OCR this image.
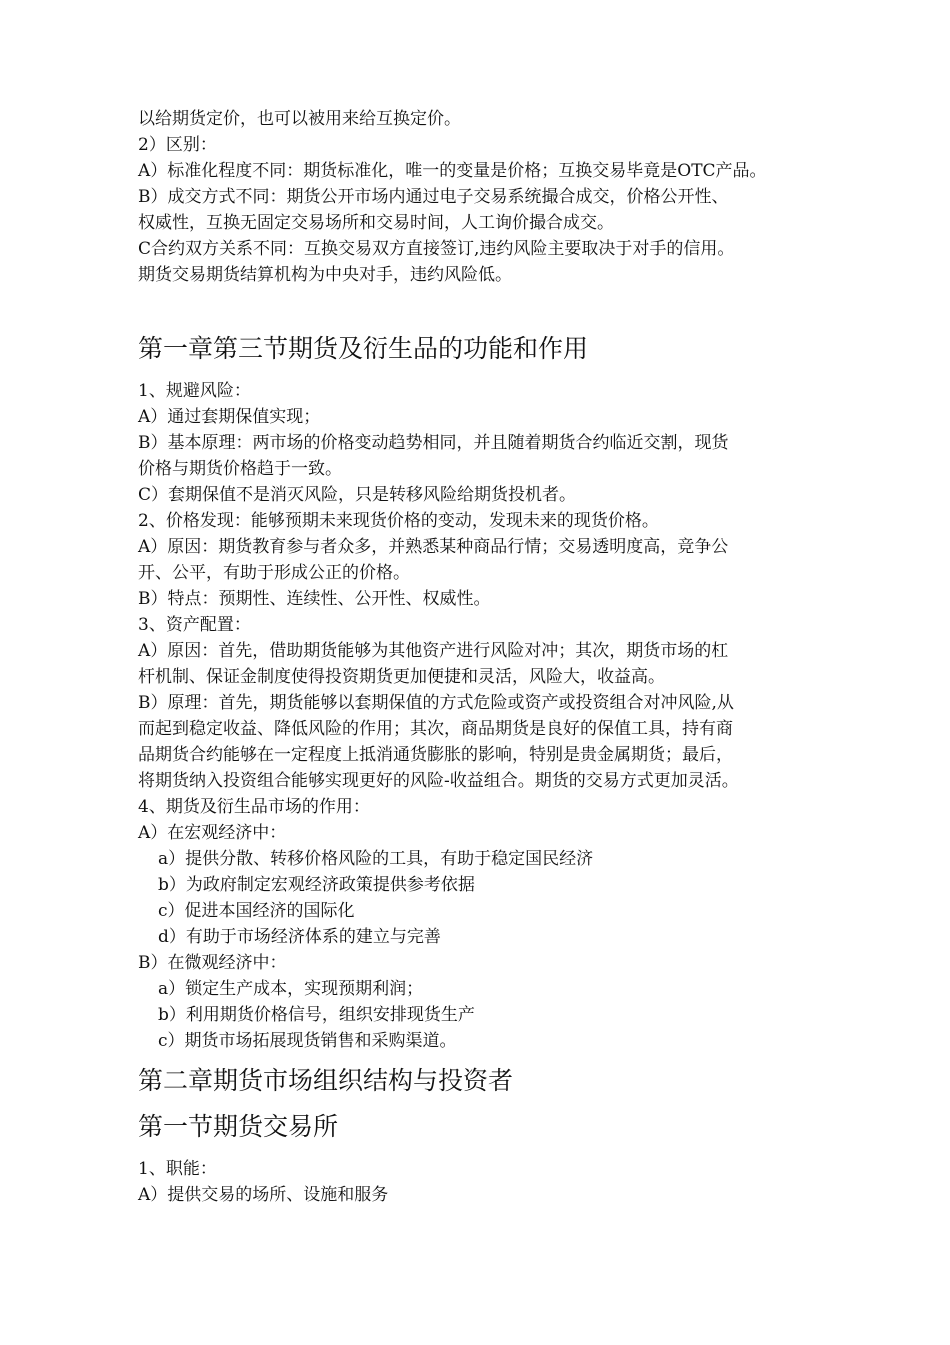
以给期货定价，也可以被用来给互换定价。

2）区别：

A）标准化程度不同：期货标准化，唯一的变量是价格；互换交易毕竟是OTC产品。

B）成交方式不同：期货公开市场内通过电子交易系统撮合成交，价格公开性、

权威性，互换无固定交易场所和交易时间，人工询价撮合成交。

C合约双方关系不同：互换交易双方直接签订,违约风险主要取决于对手的信用。

期货交易期货结算机构为中央对手，违约风险低。

第一章第三节期货及衍生品的功能和作用

1、规避风险：

A）通过套期保值实现；

B）基本原理：两市场的价格变动趋势相同，并且随着期货合约临近交割，现货

价格与期货价格趋于一致。

C）套期保值不是消灭风险，只是转移风险给期货投机者。

2、价格发现：能够预期未来现货价格的变动，发现未来的现货价格。

A）原因：期货教育参与者众多，并熟悉某种商品行情；交易透明度高，竞争公

开、公平，有助于形成公正的价格。

B）特点：预期性、连续性、公开性、权威性。

3、资产配置：

A）原因：首先，借助期货能够为其他资产进行风险对冲；其次，期货市场的杠

杆机制、保证金制度使得投资期货更加便捷和灵活，风险大，收益高。

B）原理：首先，期货能够以套期保值的方式危险或资产或投资组合对冲风险,从

而起到稳定收益、降低风险的作用；其次，商品期货是良好的保值工具，持有商

品期货合约能够在一定程度上抵消通货膨胀的影响，特别是贵金属期货；最后，

将期货纳入投资组合能够实现更好的风险-收益组合。期货的交易方式更加灵活。

4、期货及衍生品市场的作用：

A）在宏观经济中：

a）提供分散、转移价格风险的工具，有助于稳定国民经济

b）为政府制定宏观经济政策提供参考依据

c）促进本国经济的国际化

d）有助于市场经济体系的建立与完善

B）在微观经济中：

a）锁定生产成本，实现预期利润；

b）利用期货价格信号，组织安排现货生产

c）期货市场拓展现货销售和采购渠道。

第二章期货市场组织结构与投资者
第一节期货交易所

1、职能：

A）提供交易的场所、设施和服务
